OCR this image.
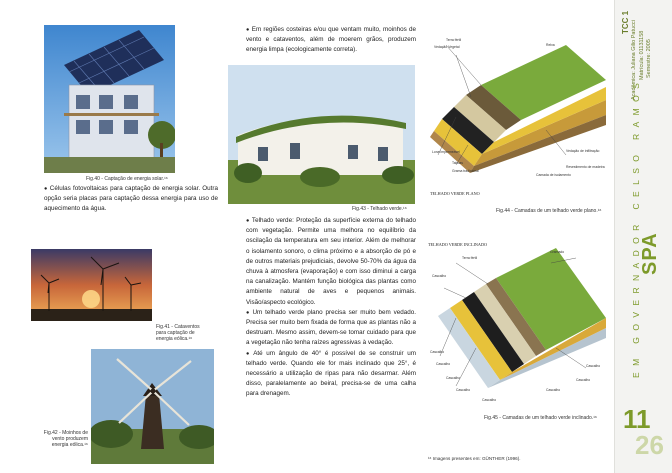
Fig.40 - Captação de energia solar.¹⁶

● Células fotovoltaicas para captação de energia solar. Outra opção seria placas para captação dessa energia para uso de aquecimento da água.

Fig.41 - Cataventos para captação de energia eólica.¹⁶
Fig.42 - Moinhos de vento produzem energia eólica.¹⁶

● Em regiões costeiras e/ou que ventam muito, moinhos de vento e cataventos, além de moerem grãos, produzem energia limpa (ecologicamente correta).

Fig.43 - Telhado verde.¹⁶

● Telhado verde: Proteção da superfície externa do telhado com vegetação. Permite uma melhora no equilíbrio da oscilação da temperatura em seu interior. Além de melhorar o isolamento sonoro, o clima próximo e a absorção de pó e de outros materiais prejudiciais, devolve 50-70% da água da chuva à atmosfera (evaporação) e com isso diminui a carga na canalização. Mantém função biológica das plantas como ambiente natural de aves e pequenos animais. Visão/aspecto ecológico.

● Um telhado verde plano precisa ser muito bem vedado. Precisa ser muito bem fixada de forma que as plantas não a destruam. Mesmo assim, devem-se tomar cuidado para que a vegetação não tenha raízes agressivas à vedação.

● Até um ângulo de 40° é possível de se construir um telhado verde. Quando ele for mais inclinado que 25°, é necessário a utilização de ripas para não desarmar. Além disso, paralelamente ao beiral, precisa-se de uma calha para drenagem.

TELHADO VERDE PLANO
Terra fértil
Vedação Vegetal	Relva
Lona impermeável
Tabuas
Grama tradicional
Camada de isolamento
Vedação de infiltração
Revestimento de madeira
Fig.44 - Camadas de um telhado verde plano.¹⁶
TELHADO VERDE INCLINADO
Terra fértil
Gramado
Cascalho
Cascalho
Cascalho
Cascalho
Cascalho
Cascalho
Cascalho
Cascalho
Cascalho
Fig.45 - Camadas de um telhado verde inclinado.¹⁶
¹⁶ Imagens presentes em: GÜNTHER (1996).
TCC 1 Acadêmica: Juliana Gilio Patucci Matrícula: 01131158 Semestre: 2005
EM GOVERNADOR CELSO RAMOS
SPA
11
26
